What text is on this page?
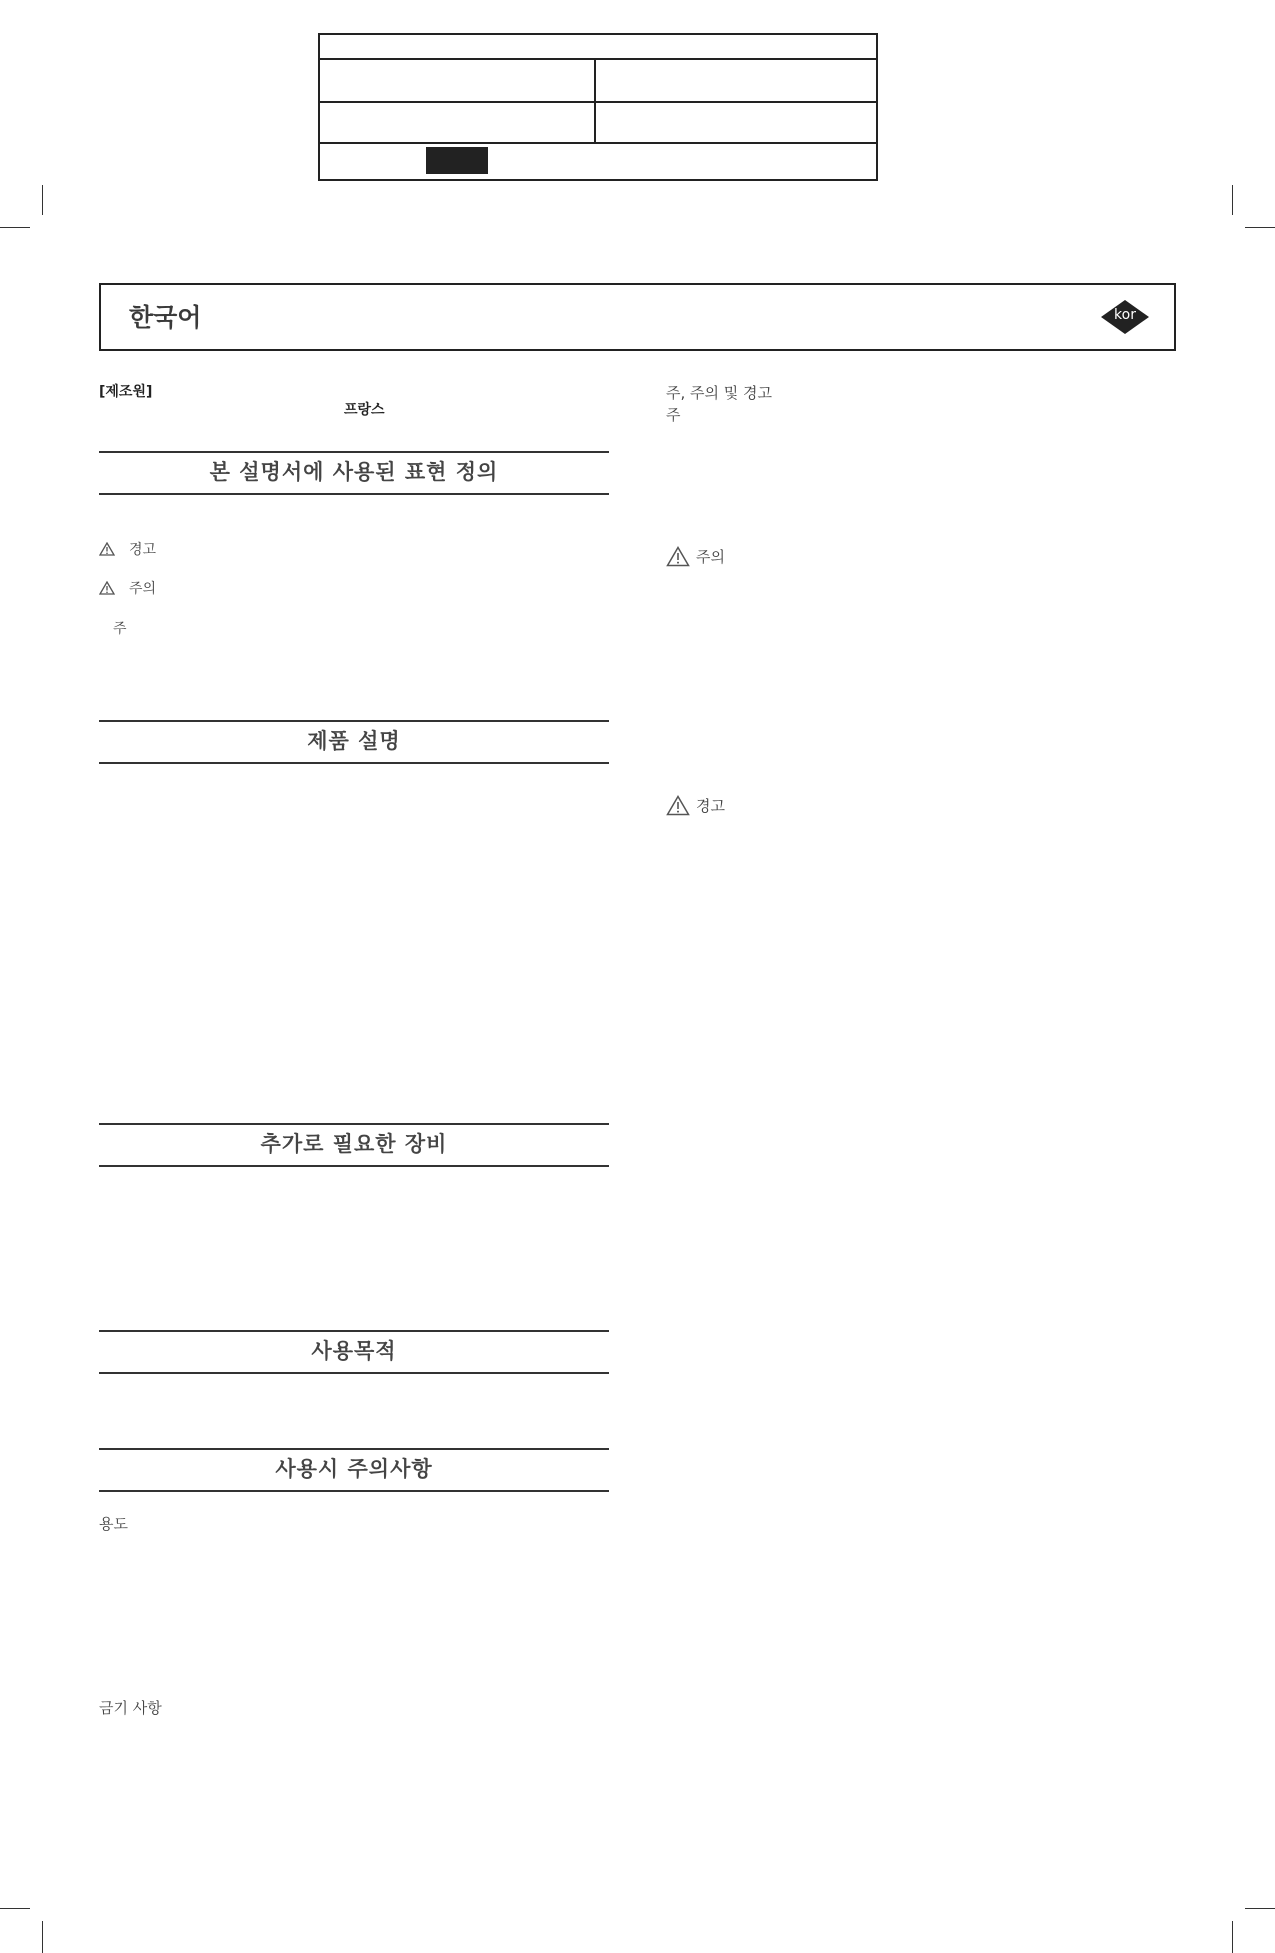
한국어	kor
[제조원]
프랑스
본 설명서에 사용된 표현 정의
경고
주의
주
제품 설명
추가로 필요한 장비
사용목적
사용시 주의사항
용도
금기 사항
주, 주의 및 경고
주
주의
경고
